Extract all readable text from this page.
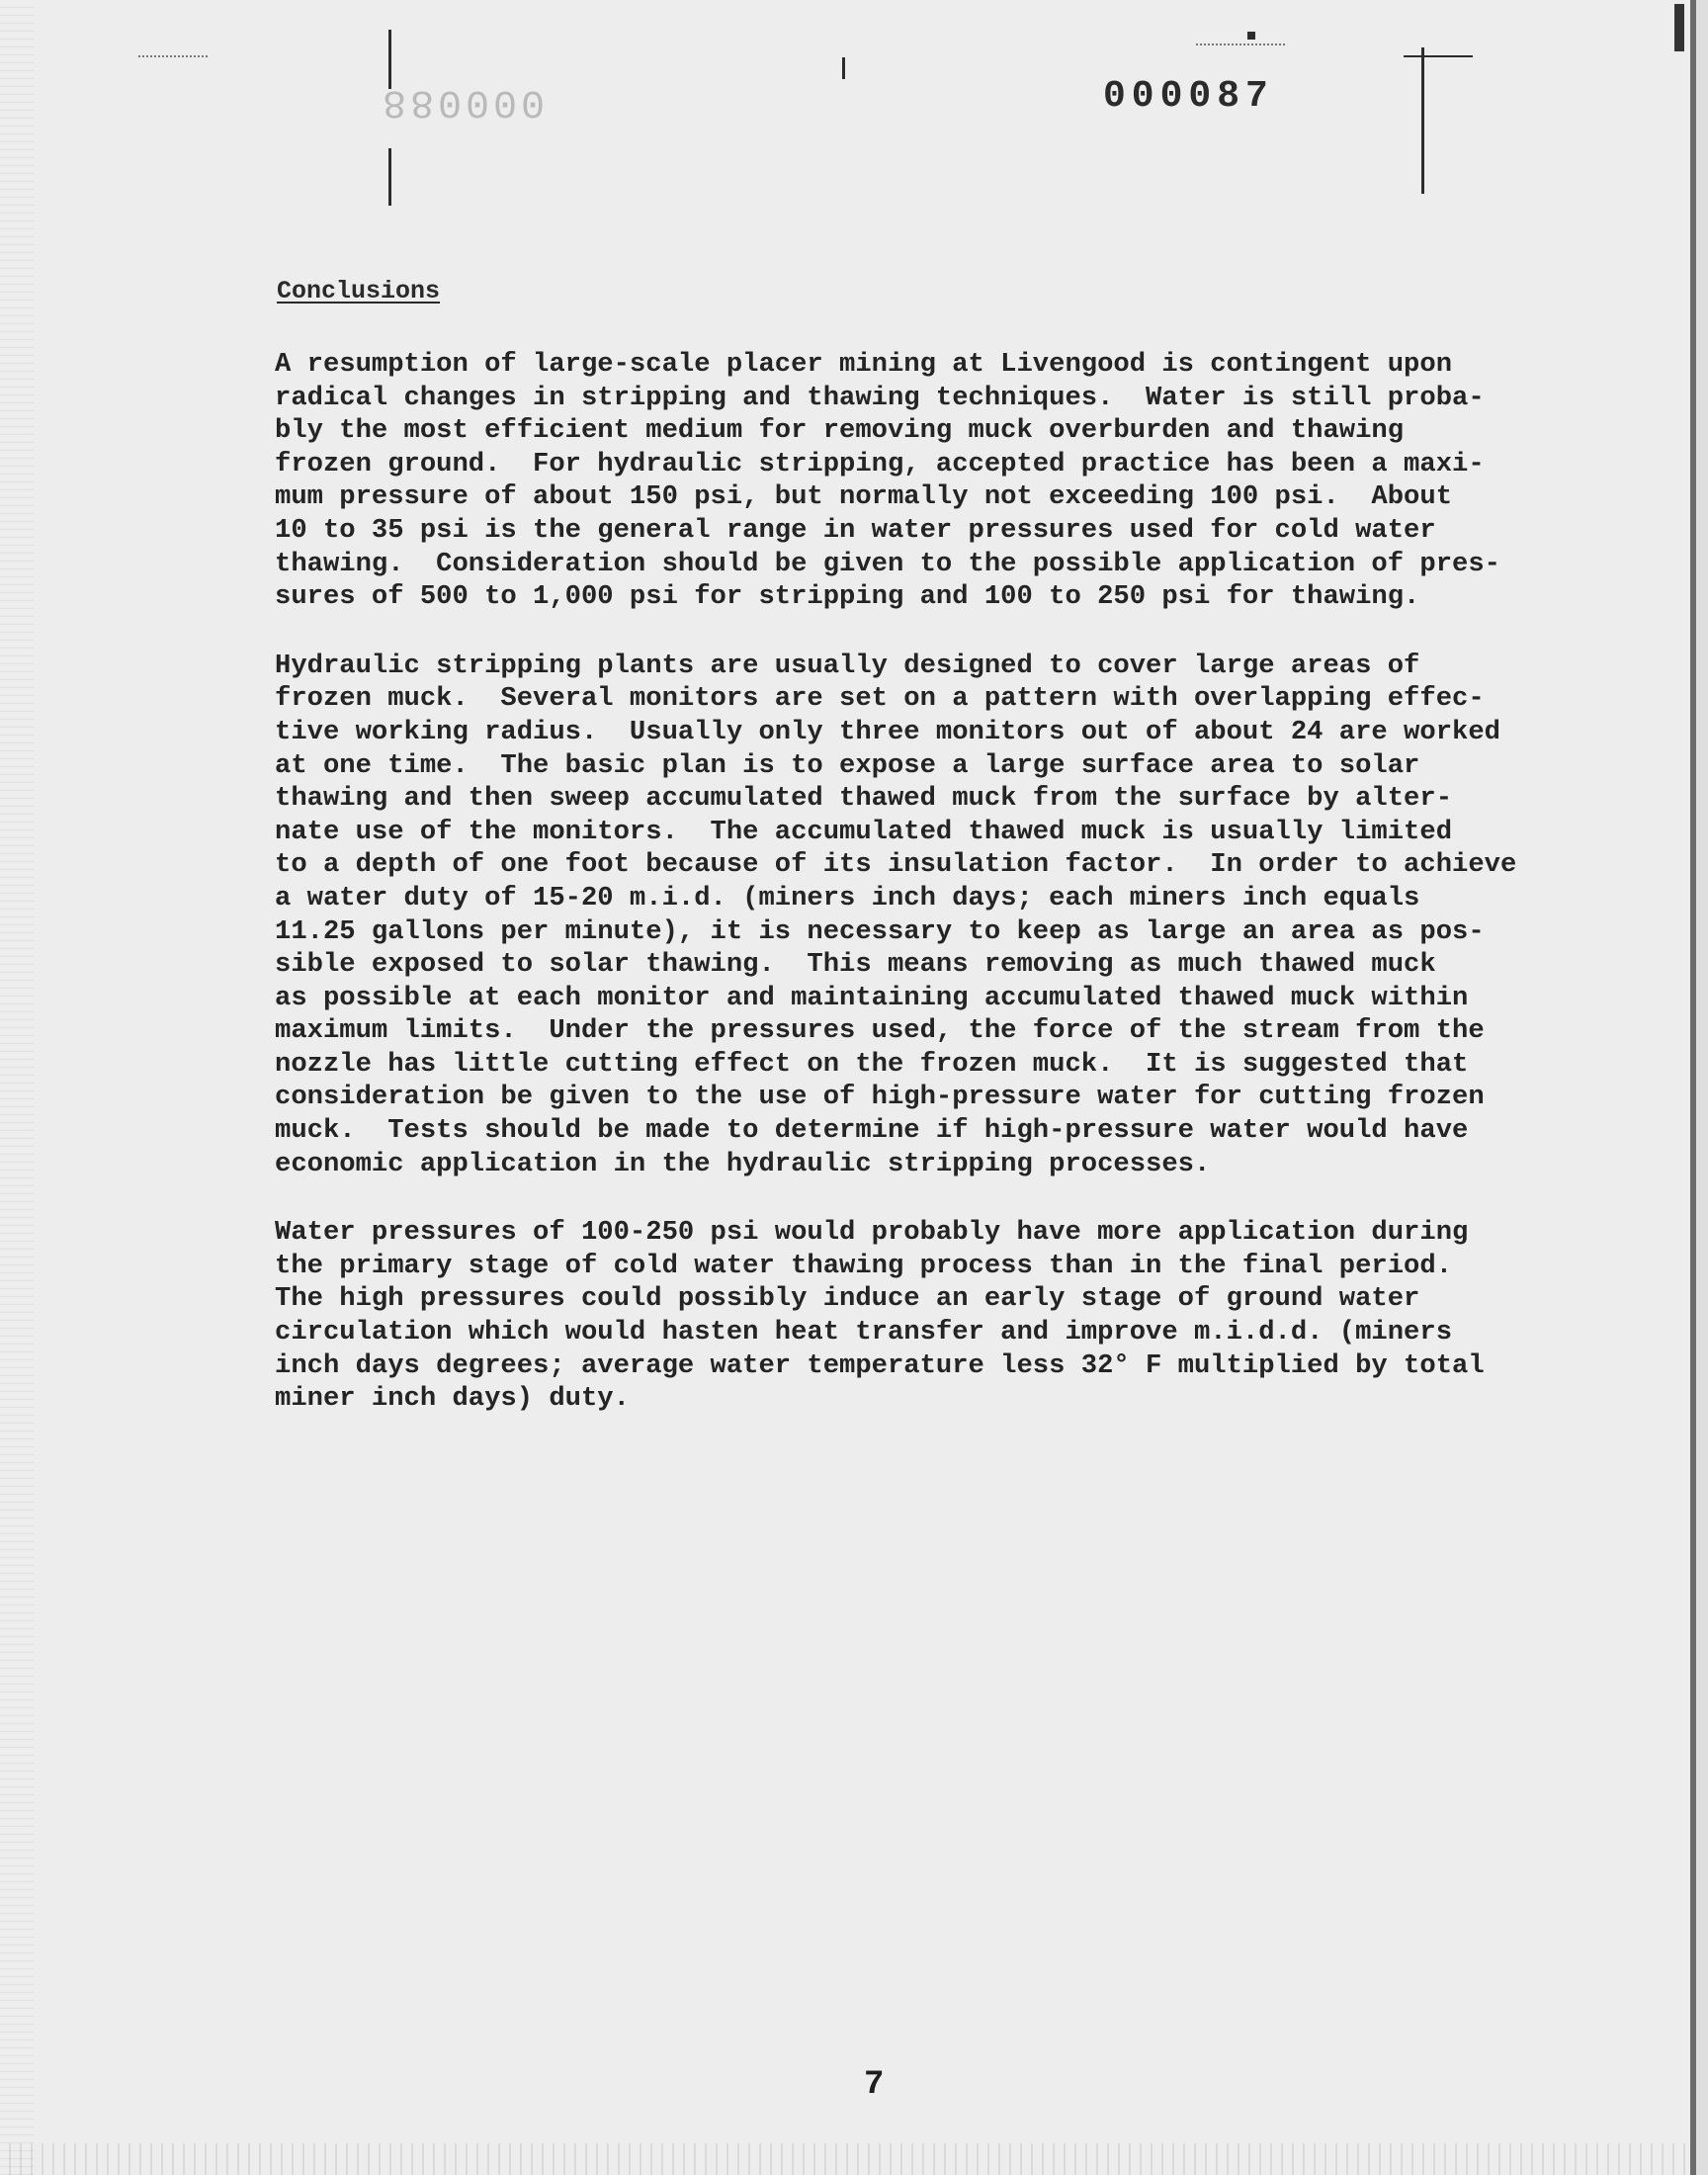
000088	000087
Conclusions
A resumption of large-scale placer mining at Livengood is contingent upon
radical changes in stripping and thawing techniques.  Water is still proba-
bly the most efficient medium for removing muck overburden and thawing
frozen ground.  For hydraulic stripping, accepted practice has been a maxi-
mum pressure of about 150 psi, but normally not exceeding 100 psi.  About
10 to 35 psi is the general range in water pressures used for cold water
thawing.  Consideration should be given to the possible application of pres-
sures of 500 to 1,000 psi for stripping and 100 to 250 psi for thawing.
Hydraulic stripping plants are usually designed to cover large areas of
frozen muck.  Several monitors are set on a pattern with overlapping effec-
tive working radius.  Usually only three monitors out of about 24 are worked
at one time.  The basic plan is to expose a large surface area to solar
thawing and then sweep accumulated thawed muck from the surface by alter-
nate use of the monitors.  The accumulated thawed muck is usually limited
to a depth of one foot because of its insulation factor.  In order to achieve
a water duty of 15-20 m.i.d. (miners inch days; each miners inch equals
11.25 gallons per minute), it is necessary to keep as large an area as pos-
sible exposed to solar thawing.  This means removing as much thawed muck
as possible at each monitor and maintaining accumulated thawed muck within
maximum limits.  Under the pressures used, the force of the stream from the
nozzle has little cutting effect on the frozen muck.  It is suggested that
consideration be given to the use of high-pressure water for cutting frozen
muck.  Tests should be made to determine if high-pressure water would have
economic application in the hydraulic stripping processes.
Water pressures of 100-250 psi would probably have more application during
the primary stage of cold water thawing process than in the final period.
The high pressures could possibly induce an early stage of ground water
circulation which would hasten heat transfer and improve m.i.d.d. (miners
inch days degrees; average water temperature less 32° F multiplied by total
miner inch days) duty.
7
